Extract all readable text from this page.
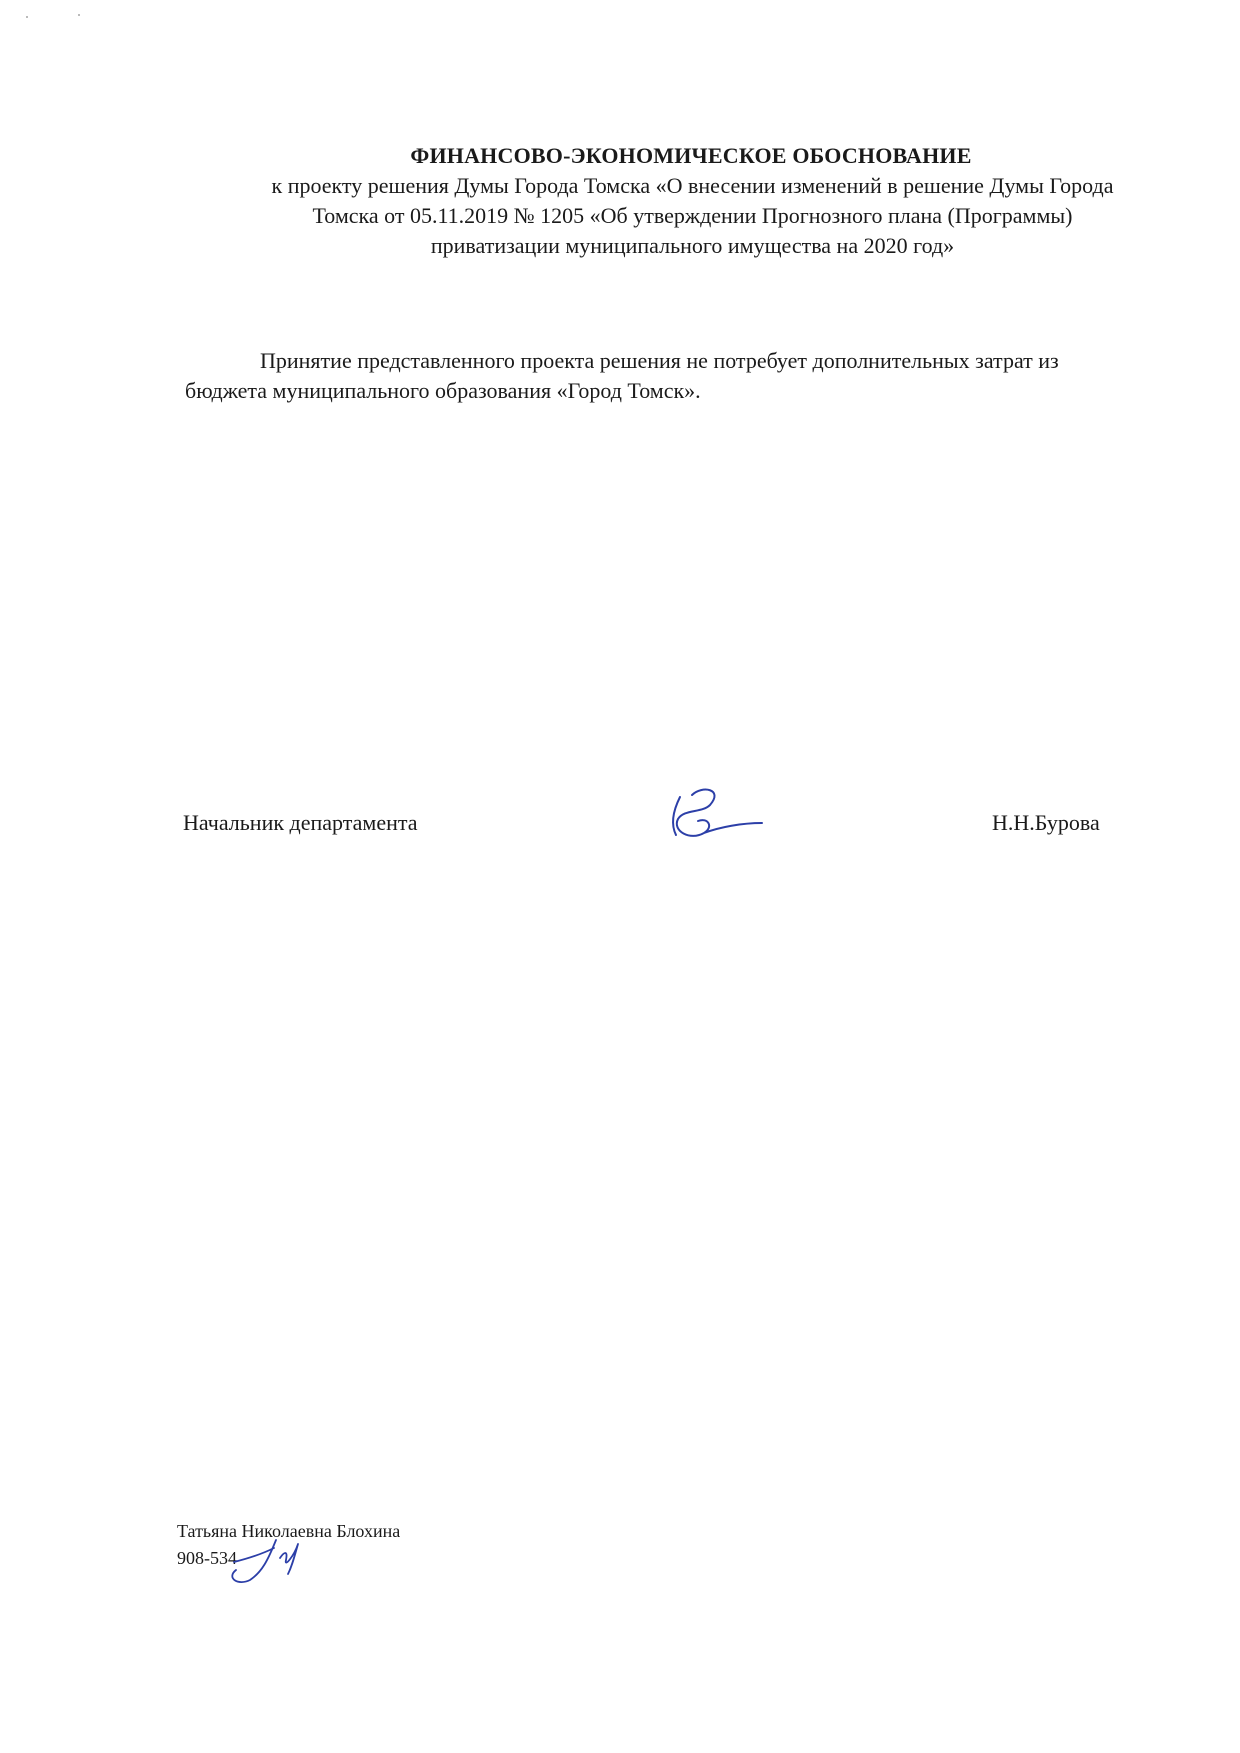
ФИНАНСОВО-ЭКОНОМИЧЕСКОЕ ОБОСНОВАНИЕ
к проекту решения Думы Города Томска «О внесении изменений в решение Думы Города
Томска от 05.11.2019 № 1205 «Об утверждении Прогнозного плана (Программы)
приватизации муниципального имущества на 2020 год»
Принятие представленного проекта решения не потребует дополнительных затрат из
бюджета муниципального образования «Город Томск».
Начальник департамента	Н.Н.Бурова
Татьяна Николаевна Блохина
908-534
